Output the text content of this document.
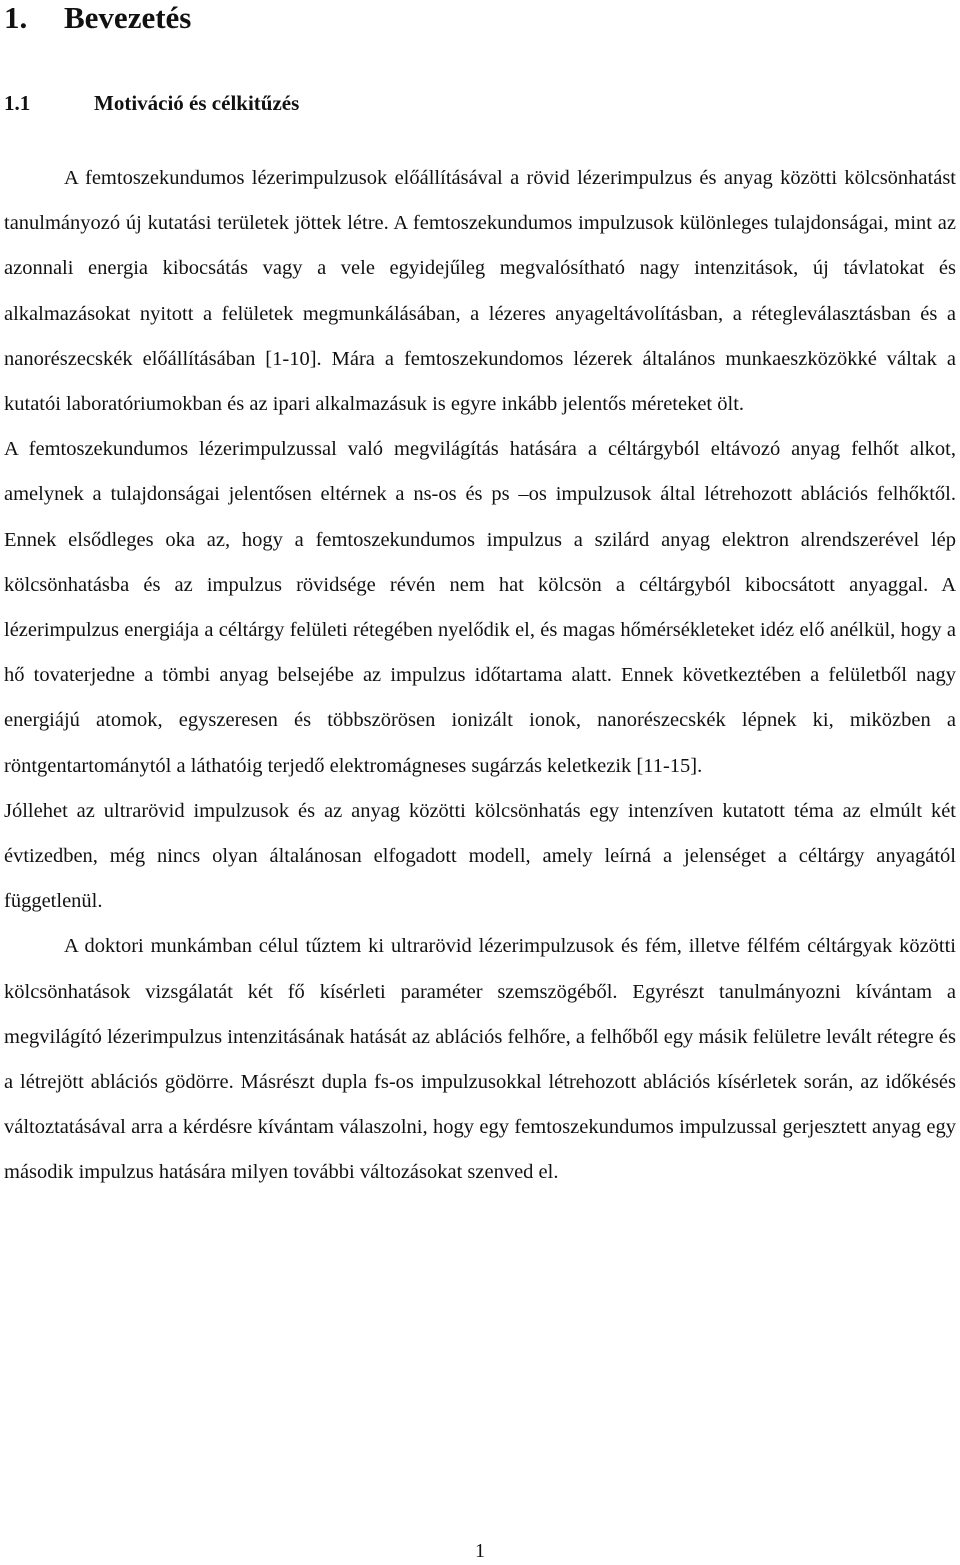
1. Bevezetés
1.1	Motiváció és célkitűzés

A femtoszekundumos lézerimpulzusok előállításával a rövid lézerimpulzus és anyag közötti kölcsönhatást tanulmányozó új kutatási területek jöttek létre. A femtoszekundumos impulzusok különleges tulajdonságai, mint az azonnali energia kibocsátás vagy a vele egyidejűleg megvalósítható nagy intenzitások, új távlatokat és alkalmazásokat nyitott a felületek megmunkálásában, a lézeres anyageltávolításban, a rétegleválasztásban és a nanorészecskék előállításában [1-10]. Mára a femtoszekundomos lézerek általános munkaeszközökké váltak a kutatói laboratóriumokban és az ipari alkalmazásuk is egyre inkább jelentős méreteket ölt.

A femtoszekundumos lézerimpulzussal való megvilágítás hatására a céltárgyból eltávozó anyag felhőt alkot, amelynek a tulajdonságai jelentősen eltérnek a ns-os és ps –os impulzusok által létrehozott ablációs felhőktől. Ennek elsődleges oka az, hogy a femtoszekundumos impulzus a szilárd anyag elektron alrendszerével lép kölcsönhatásba és az impulzus rövidsége révén nem hat kölcsön a céltárgyból kibocsátott anyaggal. A lézerimpulzus energiája a céltárgy felületi rétegében nyelődik el, és magas hőmérsékleteket idéz elő anélkül, hogy a hő tovaterjedne a tömbi anyag belsejébe az impulzus időtartama alatt. Ennek következtében a felületből nagy energiájú atomok, egyszeresen és többszörösen ionizált ionok, nanorészecskék lépnek ki, miközben a röntgentartománytól a láthatóig terjedő elektromágneses sugárzás keletkezik [11-15].

Jóllehet az ultrarövid impulzusok és az anyag közötti kölcsönhatás egy intenzíven kutatott téma az elmúlt két évtizedben, még nincs olyan általánosan elfogadott modell, amely leírná a jelenséget a céltárgy anyagától függetlenül.

A doktori munkámban célul tűztem ki ultrarövid lézerimpulzusok és fém, illetve félfém céltárgyak közötti kölcsönhatások vizsgálatát két fő kísérleti paraméter szemszögéből. Egyrészt tanulmányozni kívántam a megvilágító lézerimpulzus intenzitásának hatását az ablációs felhőre, a felhőből egy másik felületre levált rétegre és a létrejött ablációs gödörre. Másrészt dupla fs-os impulzusokkal létrehozott ablációs kísérletek során, az időkésés változtatásával arra a kérdésre kívántam válaszolni, hogy egy femtoszekundumos impulzussal gerjesztett anyag egy második impulzus hatására milyen további változásokat szenved el.

1
